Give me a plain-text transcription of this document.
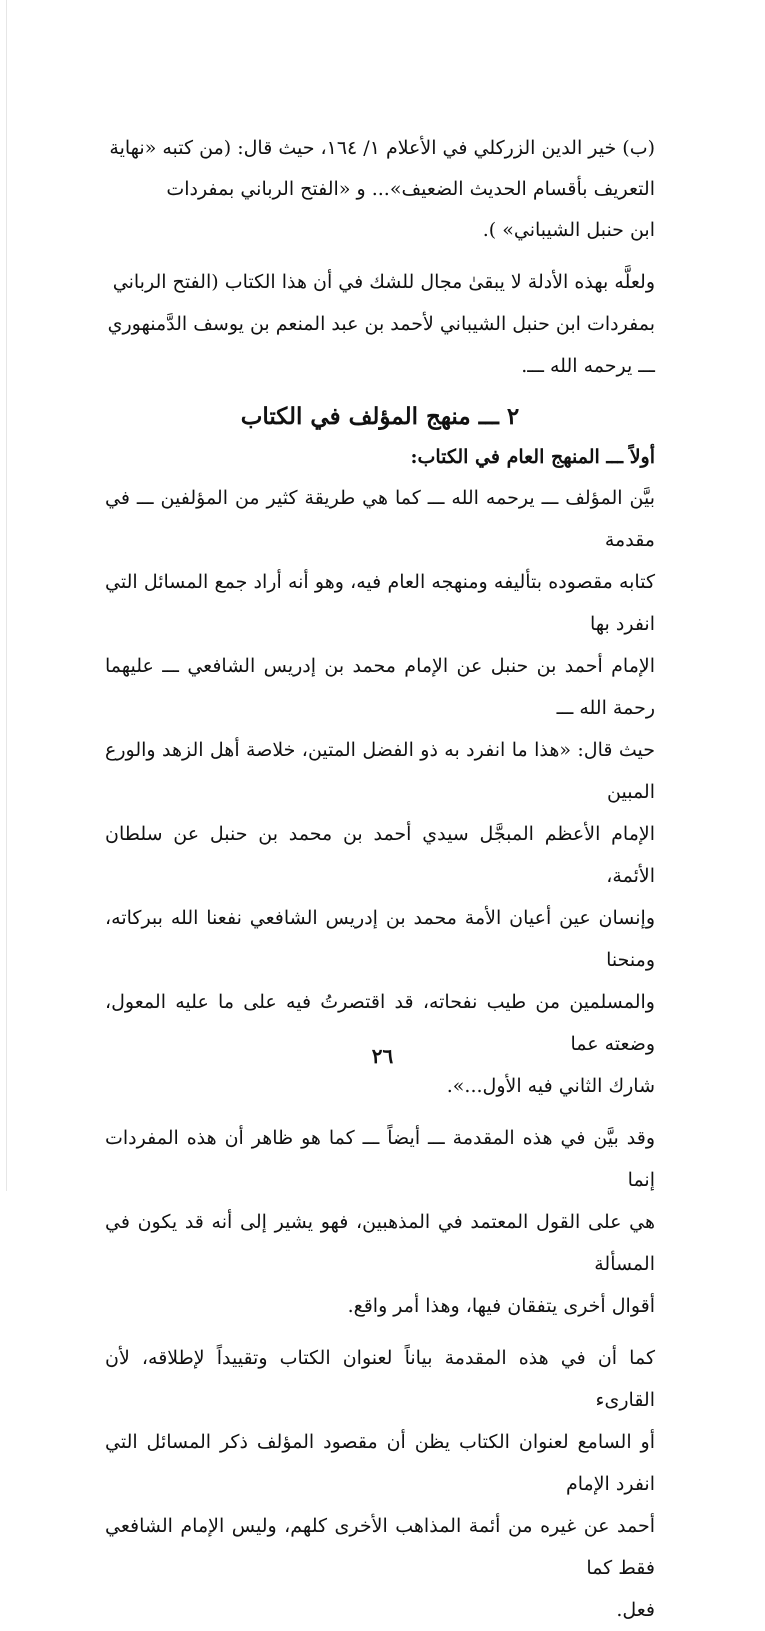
(ب) خير الدين الزركلي في الأعلام ١/ ١٦٤، حيث قال: (من كتبه «نهاية

التعريف بأقسام الحديث الضعيف»... و «الفتح الرباني بمفردات

ابن حنبل الشيباني» ).

ولعلَّه بهذه الأدلة لا يبقىٰ مجال للشك في أن هذا الكتاب (الفتح الرباني

بمفردات ابن حنبل الشيباني لأحمد بن عبد المنعم بن يوسف الدَّمنهوري

ـــ يرحمه الله ـــ.

٢ ـــ منهج المؤلف في الكتاب
أولاً ـــ المنهج العام في الكتاب:

بيَّن المؤلف ـــ يرحمه الله ـــ كما هي طريقة كثير من المؤلفين ـــ في مقدمة

كتابه مقصوده بتأليفه ومنهجه العام فيه، وهو أنه أراد جمع المسائل التي انفرد بها

الإمام أحمد بن حنبل عن الإمام محمد بن إدريس الشافعي ـــ عليهما رحمة الله ـــ

حيث قال: «هذا ما انفرد به ذو الفضل المتين، خلاصة أهل الزهد والورع المبين

الإمام الأعظم المبجَّل سيدي أحمد بن محمد بن حنبل عن سلطان الأئمة،

وإنسان عين أعيان الأمة محمد بن إدريس الشافعي نفعنا الله ببركاته، ومنحنا

والمسلمين من طيب نفحاته، قد اقتصرتُ فيه على ما عليه المعول، وضعته عما

شارك الثاني فيه الأول...».

وقد بيَّن في هذه المقدمة ـــ أيضاً ـــ كما هو ظاهر أن هذه المفردات إنما

هي على القول المعتمد في المذهبين، فهو يشير إلى أنه قد يكون في المسألة

أقوال أخرى يتفقان فيها، وهذا أمر واقع.

كما أن في هذه المقدمة بياناً لعنوان الكتاب وتقييداً لإطلاقه، لأن القارىء

أو السامع لعنوان الكتاب يظن أن مقصود المؤلف ذكر المسائل التي انفرد الإمام

أحمد عن غيره من أئمة المذاهب الأخرى كلهم، وليس الإمام الشافعي فقط كما

فعل.

٢٦
